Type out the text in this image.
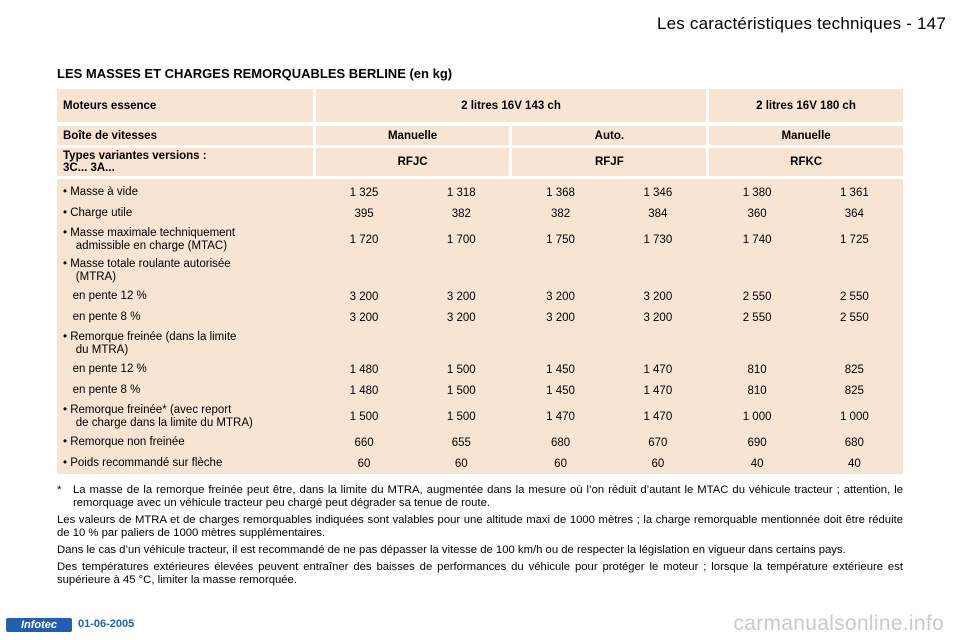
Les caractéristiques techniques - 147
LES MASSES ET CHARGES REMORQUABLES BERLINE (en kg)
Moteurs essence	2 litres 16V 143 ch	2 litres 16V 180 ch
Boîte de vitesses	Manuelle	Auto.	Manuelle
Types variantes versions :
3C... 3A...	RFJC	RFJF	RFKC
• Masse à vide	1 325	1 318	1 368	1 346	1 380	1 361
• Charge utile	395	382	382	384	360	364
• Masse maximale techniquement
admissible en charge (MTAC)	1 720	1 700	1 750	1 730	1 740	1 725
• Masse totale roulante autorisée
(MTRA)
en pente 12 %	3 200	3 200	3 200	3 200	2 550	2 550
en pente 8 %	3 200	3 200	3 200	3 200	2 550	2 550
• Remorque freinée (dans la limite
du MTRA)
en pente 12 %	1 480	1 500	1 450	1 470	810	825
en pente 8 %	1 480	1 500	1 450	1 470	810	825
• Remorque freinée* (avec report
de charge dans la limite du MTRA)	1 500	1 500	1 470	1 470	1 000	1 000
• Remorque non freinée	660	655	680	670	690	680
• Poids recommandé sur flèche	60	60	60	60	40	40
*	La masse de la remorque freinée peut être, dans la limite du MTRA, augmentée dans la mesure où l’on réduit d’autant le MTAC du véhicule tracteur ; attention, le remorquage avec un véhicule tracteur peu chargé peut dégrader sa tenue de route.
Les valeurs de MTRA et de charges remorquables indiquées sont valables pour une altitude maxi de 1000 mètres ; la charge remorquable mentionnée doit être réduite de 10 % par paliers de 1000 mètres supplémentaires.
Dans le cas d’un véhicule tracteur, il est recommandé de ne pas dépasser la vitesse de 100 km/h ou de respecter la législation en vigueur dans certains pays.
Des températures extérieures élevées peuvent entraîner des baisses de performances du véhicule pour protéger le moteur ; lorsque la température extérieure est supérieure à 45 °C, limiter la masse remorquée.
Infotec	01-06-2005	carmanualsonline.info
